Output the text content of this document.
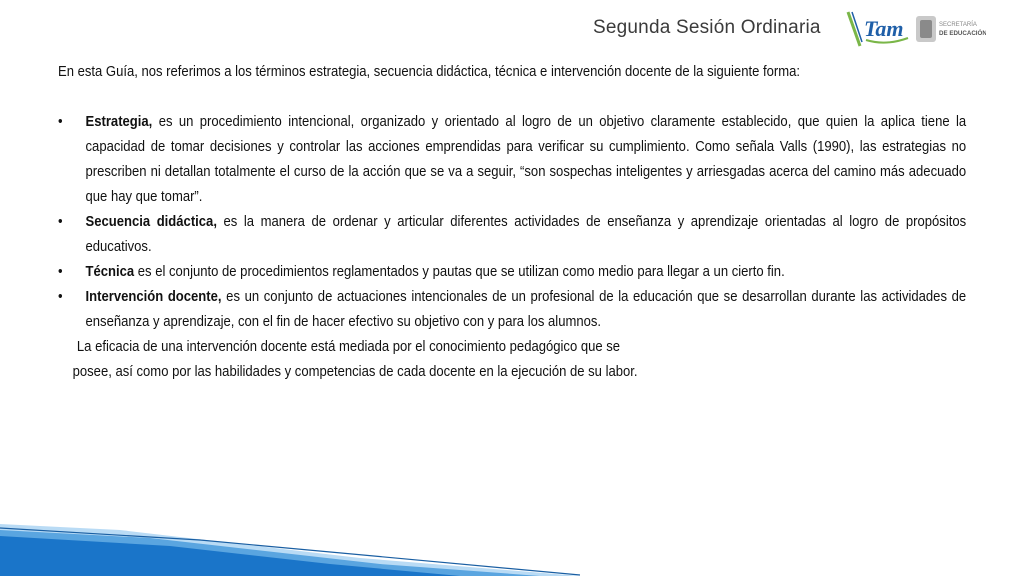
Segunda Sesión Ordinaria Tam	SECRETARÍA
DE EDUCACIÓN

En esta Guía, nos referimos a los términos estrategia, secuencia didáctica, técnica e intervención docente de la siguiente forma:

• Estrategia, es un procedimiento intencional, organizado y orientado al logro de un objetivo claramente establecido, que quien la aplica tiene la capacidad de tomar decisiones y controlar las acciones emprendidas para verificar su cumplimiento. Como señala Valls (1990), las estrategias no prescriben ni detallan totalmente el curso de la acción que se va a seguir, “son sospechas inteligentes y arriesgadas acerca del camino más adecuado que hay que tomar”.
• Secuencia didáctica, es la manera de ordenar y articular diferentes actividades de enseñanza y aprendizaje orientadas al logro de propósitos educativos.
• Técnica es el conjunto de procedimientos reglamentados y pautas que se utilizan como medio para llegar a un cierto fin.
• Intervención docente, es un conjunto de actuaciones intencionales de un profesional de la educación que se desarrollan durante las actividades de enseñanza y aprendizaje, con el fin de hacer efectivo su objetivo con y para los alumnos.
La eficacia de una intervención docente está mediada por el conocimiento pedagógico que se
posee, así como por las habilidades y competencias de cada docente en la ejecución de su labor.
